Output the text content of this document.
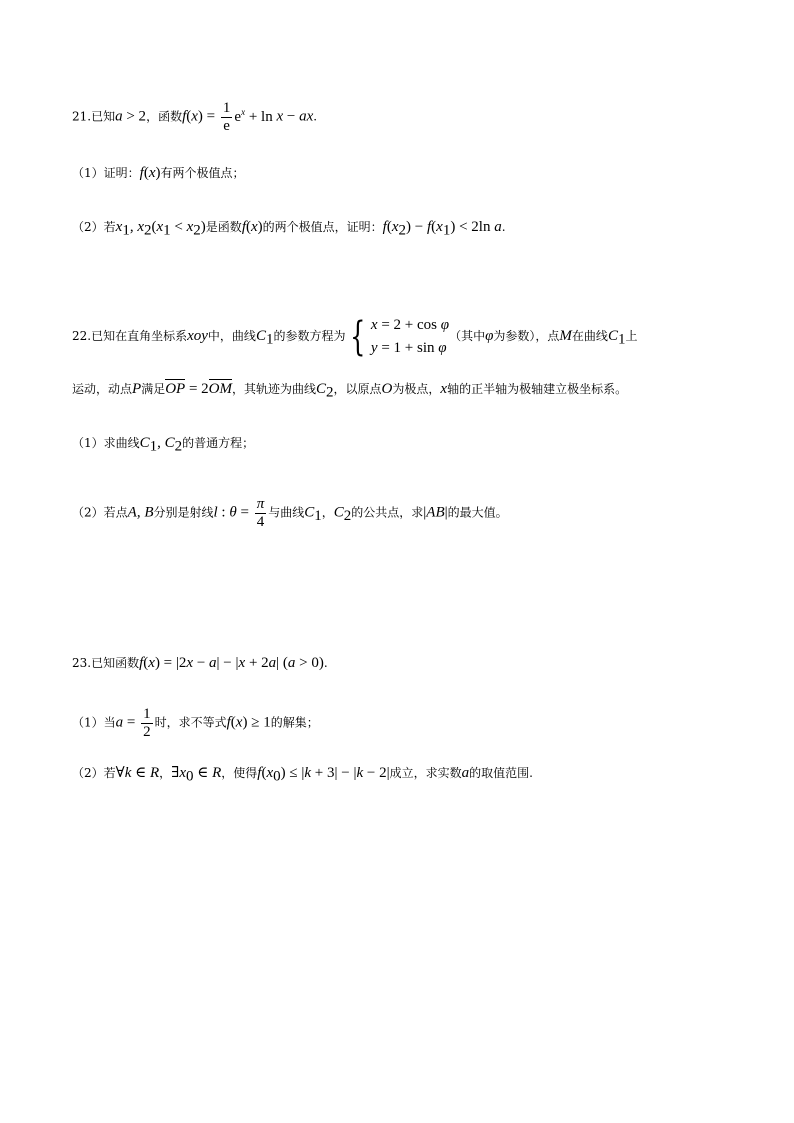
21.已知a > 2，函数$f(x) = \frac{1}{e} e^x + \ln x$ − ax.
（1）证明：f(x)有两个极值点；
（2）若$x_1$, $x_2(x_1 < x_2)$是函数f(x)的两个极值点，证明：$f(x_2) - f(x_1) < 2\ln$ a.
22.已知在直角坐标系xoy中，曲线$C_1$的参数方程为 { x = 2 + cos φ
y = 1 + sin φ
（其中φ为参数），点M在曲线$C_1$上
运动，动点P满足OP = 2OM，其轨迹为曲线$C_2$，以原点O为极点，x轴的正半轴为极轴建立极坐标系。
（1）求曲线$C_1$, $C_2$的普通方程；
（2）若点A, B分别是射线l : $\theta = \frac{\pi}{4}$ 与曲线$C_1$，$C_2$的公共点，求|AB|的最大值。
23.已知函数f(x) = |2x − a| − |x + 2a| (a > 0).
（1）当$a = \frac{1}{2}$ 时，求不等式f(x) ≥ 1的解集；
（2）若∀k ∈ R，$\exists x_0$ ∈ R，使得$f(x_0) \le |k + 3| - |k - 2|$成立，求实数a的取值范围.
